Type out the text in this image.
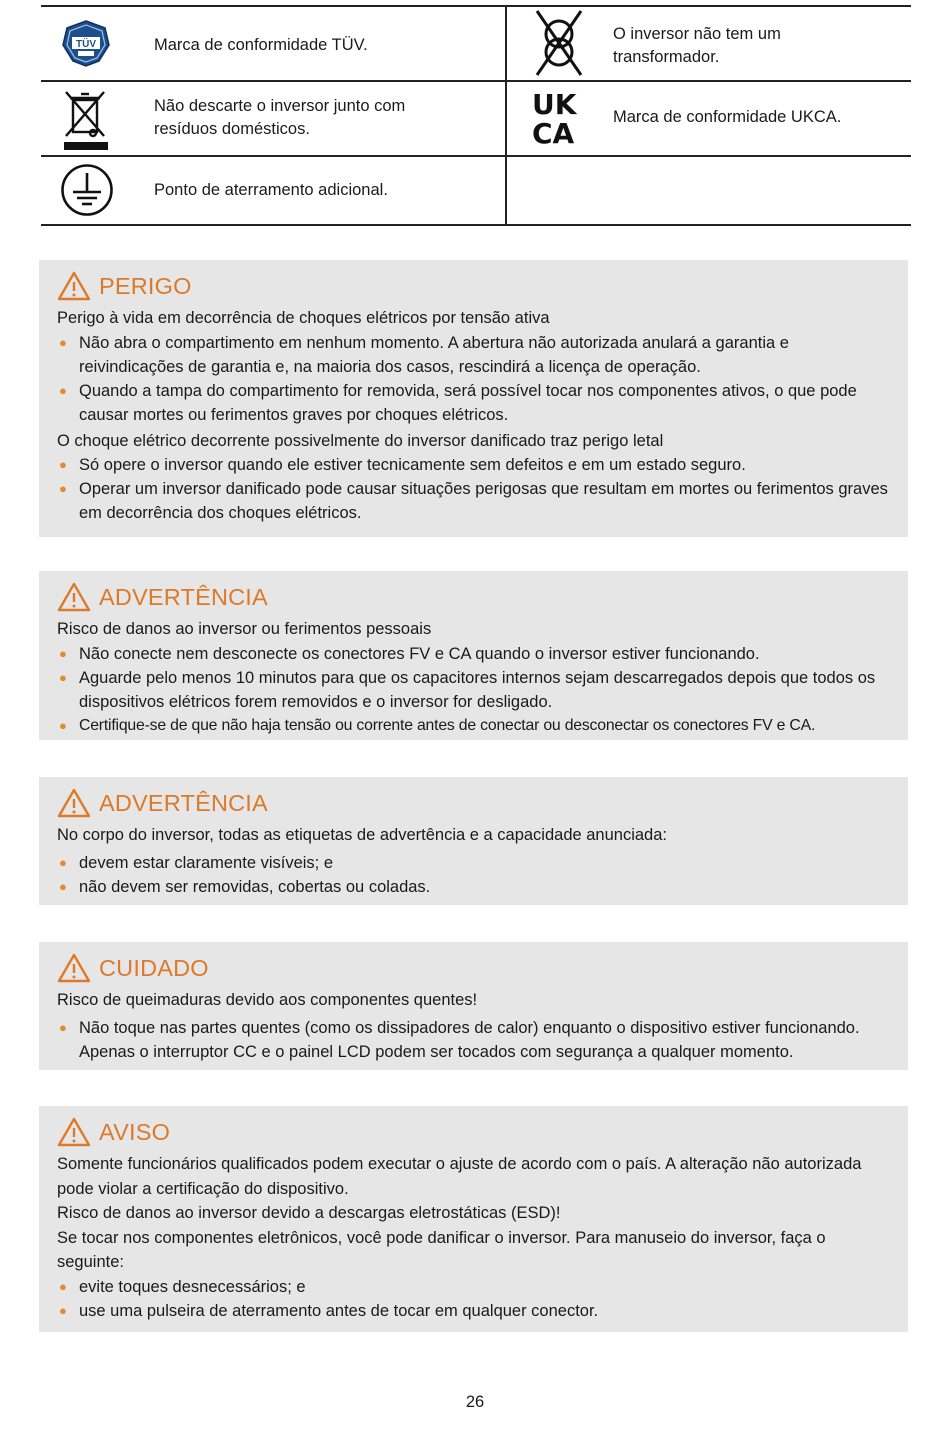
TÜV	Marca de conformidade TÜV.
O inversor não tem um transformador.
Não descarte o inversor junto com resíduos domésticos.
UK
CA Marca de conformidade UKCA.
Ponto de aterramento adicional.
PERIGO

Perigo à vida em decorrência de choques elétricos por tensão ativa

● Não abra o compartimento em nenhum momento. A abertura não autorizada anulará a garantia e reivindicações de garantia e, na maioria dos casos, rescindirá a licença de operação.
● Quando a tampa do compartimento for removida, será possível tocar nos componentes ativos, o que pode causar mortes ou ferimentos graves por choques elétricos.

O choque elétrico decorrente possivelmente do inversor danificado traz perigo letal

● Só opere o inversor quando ele estiver tecnicamente sem defeitos e em um estado seguro.
● Operar um inversor danificado pode causar situações perigosas que resultam em mortes ou ferimentos graves em decorrência dos choques elétricos.
ADVERTÊNCIA

Risco de danos ao inversor ou ferimentos pessoais

● Não conecte nem desconecte os conectores FV e CA quando o inversor estiver funcionando.
● Aguarde pelo menos 10 minutos para que os capacitores internos sejam descarregados depois que todos os dispositivos elétricos forem removidos e o inversor for desligado.
● Certifique-se de que não haja tensão ou corrente antes de conectar ou desconectar os conectores FV e CA.
ADVERTÊNCIA

No corpo do inversor, todas as etiquetas de advertência e a capacidade anunciada:

● devem estar claramente visíveis; e
● não devem ser removidas, cobertas ou coladas.
CUIDADO

Risco de queimaduras devido aos componentes quentes!

● Não toque nas partes quentes (como os dissipadores de calor) enquanto o dispositivo estiver funcionando. Apenas o interruptor CC e o painel LCD podem ser tocados com segurança a qualquer momento.
AVISO

Somente funcionários qualificados podem executar o ajuste de acordo com o país. A alteração não autorizada pode violar a certificação do dispositivo.

Risco de danos ao inversor devido a descargas eletrostáticas (ESD)!

Se tocar nos componentes eletrônicos, você pode danificar o inversor. Para manuseio do inversor, faça o seguinte:

● evite toques desnecessários; e
● use uma pulseira de aterramento antes de tocar em qualquer conector.
26
